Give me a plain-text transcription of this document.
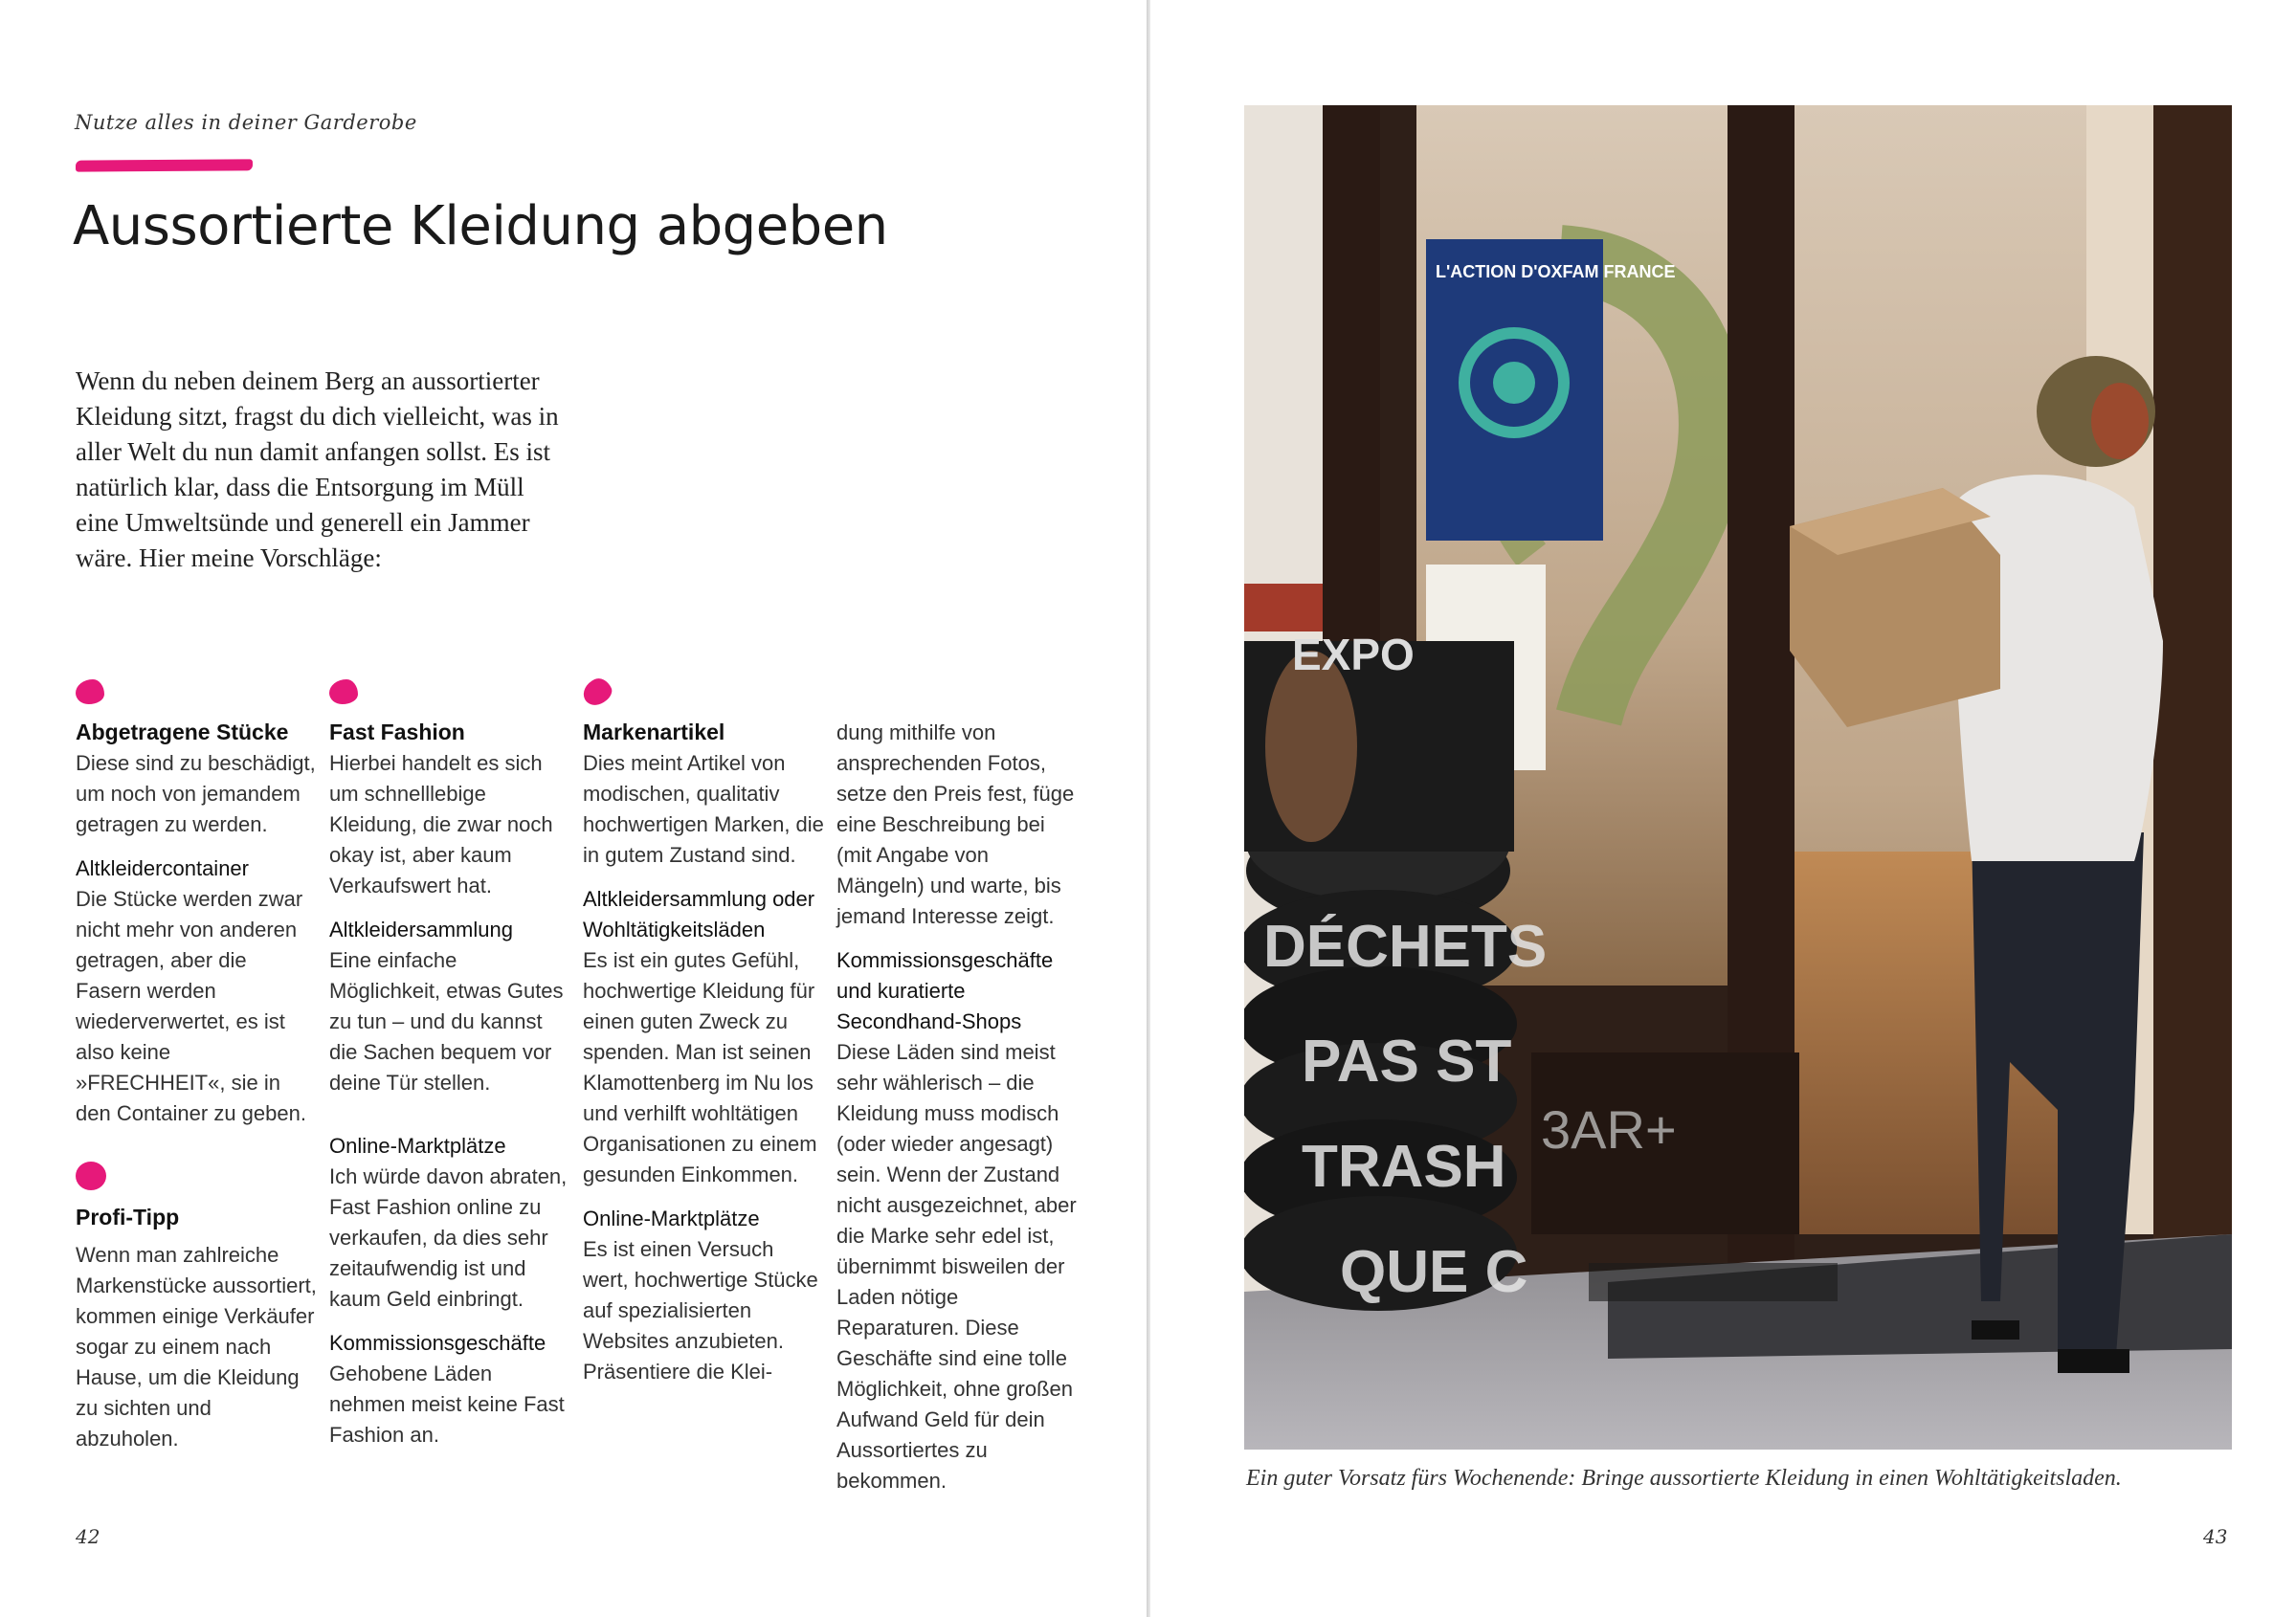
Nutze alles in deiner Garderobe
Aussortierte Kleidung abgeben

Wenn du neben deinem Berg an aussortierter Kleidung sitzt, fragst du dich vielleicht, was in aller Welt du nun damit anfangen sollst. Es ist natürlich klar, dass die Entsorgung im Müll eine Umweltsünde und generell ein Jammer wäre. Hier meine Vorschläge:

Abgetragene Stücke
Diese sind zu beschädigt, um noch von jemandem getragen zu werden.
Altkleidercontainer
Die Stücke werden zwar nicht mehr von anderen getragen, aber die Fasern werden wiederverwertet, es ist also keine »FRECHHEIT«, sie in den Container zu geben.
Profi-Tipp
Wenn man zahlreiche Markenstücke aussortiert, kommen einige Verkäufer sogar zu einem nach Hause, um die Kleidung zu sichten und abzuholen.
Fast Fashion
Hierbei handelt es sich um schnelllebige Kleidung, die zwar noch okay ist, aber kaum Verkaufswert hat.
Altkleidersammlung
Eine einfache Möglichkeit, etwas Gutes zu tun – und du kannst die Sachen bequem vor deine Tür stellen.
Online-Marktplätze
Ich würde davon abraten, Fast Fashion online zu verkaufen, da dies sehr zeitaufwendig ist und kaum Geld einbringt.
Kommissionsgeschäfte
Gehobene Läden nehmen meist keine Fast Fashion an.
Markenartikel
Dies meint Artikel von modischen, qualitativ hochwertigen Marken, die in gutem Zustand sind.
Altkleidersammlung oder Wohltätigkeitsläden
Es ist ein gutes Gefühl, hochwertige Kleidung für einen guten Zweck zu spenden. Man ist seinen Klamottenberg im Nu los und verhilft wohltätigen Organisationen zu einem gesunden Einkommen.
Online-Marktplätze
Es ist einen Versuch wert, hochwertige Stücke auf spezialisierten Websites anzubieten. Präsentiere die Klei-
dung mithilfe von ansprechenden Fotos, setze den Preis fest, füge eine Beschreibung bei (mit Angabe von Mängeln) und warte, bis jemand Interesse zeigt.
Kommissionsgeschäfte und kuratierte Secondhand-Shops
Diese Läden sind meist sehr wählerisch – die Kleidung muss modisch (oder wieder angesagt) sein. Wenn der Zustand nicht ausgezeichnet, aber die Marke sehr edel ist, übernimmt bisweilen der Laden nötige Reparaturen. Diese Geschäfte sind eine tolle Möglichkeit, ohne großen Aufwand Geld für dein Aussortiertes zu bekommen.
42
L'ACTION D'OXFAM FRANCE
3AR+
EXPO
DÉCHETS
PAS ST
TRASH
QUE C
Ein guter Vorsatz fürs Wochenende: Bringe aussortierte Kleidung in einen Wohltätigkeitsladen.
43
